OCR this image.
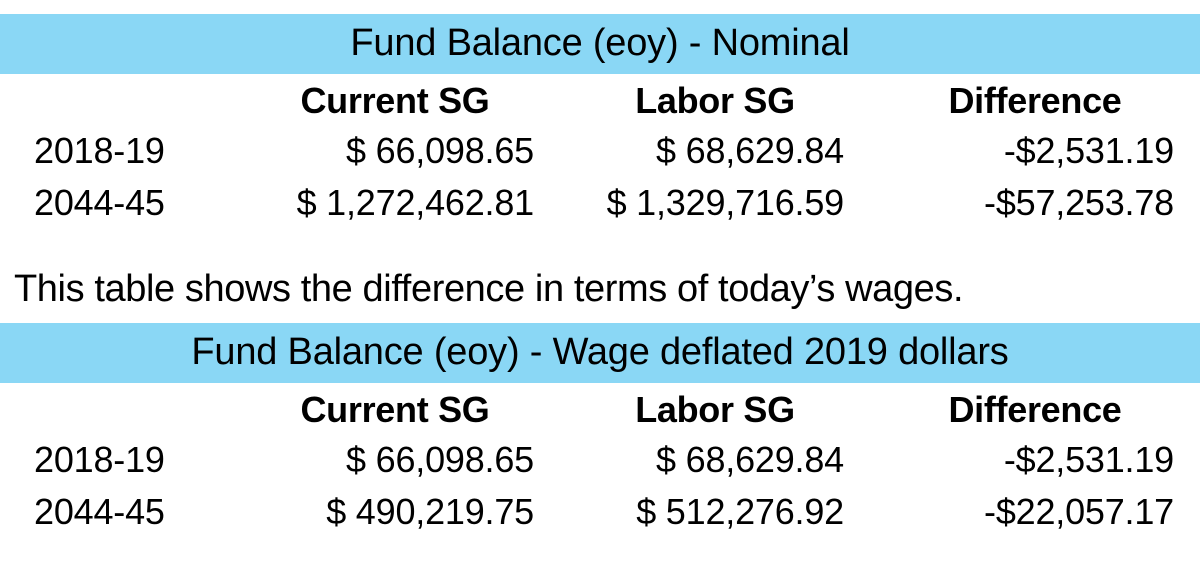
Fund Balance (eoy) - Nominal
	Current SG	Labor SG	Difference
2018-19	$ 66,098.65	$ 68,629.84	-$2,531.19
2044-45	$ 1,272,462.81	$ 1,329,716.59	-$57,253.78
This table shows the difference in terms of today’s wages.
Fund Balance (eoy) - Wage deflated 2019 dollars
	Current SG	Labor SG	Difference
2018-19	$ 66,098.65	$ 68,629.84	-$2,531.19
2044-45	$ 490,219.75	$ 512,276.92	-$22,057.17
